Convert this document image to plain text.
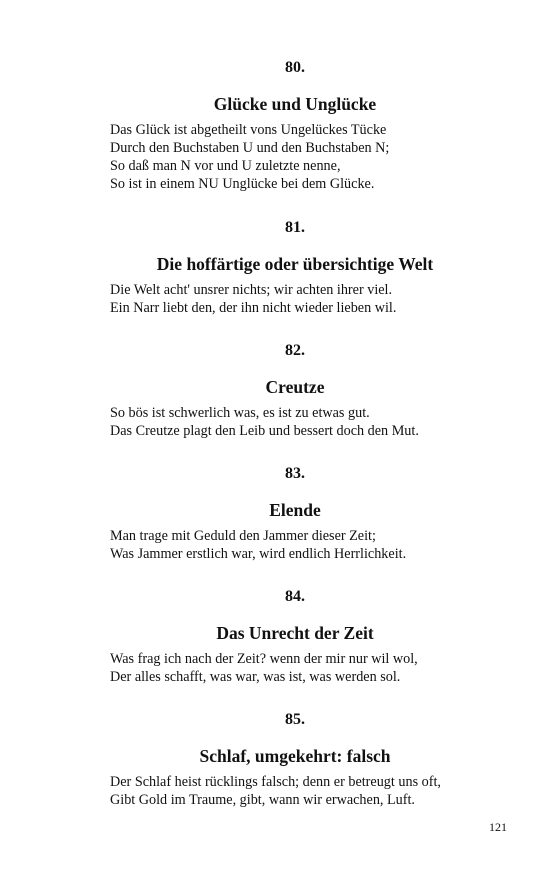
80.
Glücke und Unglücke
Das Glück ist abgetheilt vons Ungelückes Tücke
Durch den Buchstaben U und den Buchstaben N;
So daß man N vor und U zuletzte nenne,
So ist in einem NU Unglücke bei dem Glücke.
81.
Die hoffärtige oder übersichtige Welt
Die Welt acht' unsrer nichts; wir achten ihrer viel.
Ein Narr liebt den, der ihn nicht wieder lieben wil.
82.
Creutze
So bös ist schwerlich was, es ist zu etwas gut.
Das Creutze plagt den Leib und bessert doch den Mut.
83.
Elende
Man trage mit Geduld den Jammer dieser Zeit;
Was Jammer erstlich war, wird endlich Herrlichkeit.
84.
Das Unrecht der Zeit
Was frag ich nach der Zeit? wenn der mir nur wil wol,
Der alles schafft, was war, was ist, was werden sol.
85.
Schlaf, umgekehrt: falsch
Der Schlaf heist rücklings falsch; denn er betreugt uns oft,
Gibt Gold im Traume, gibt, wann wir erwachen, Luft.
121
